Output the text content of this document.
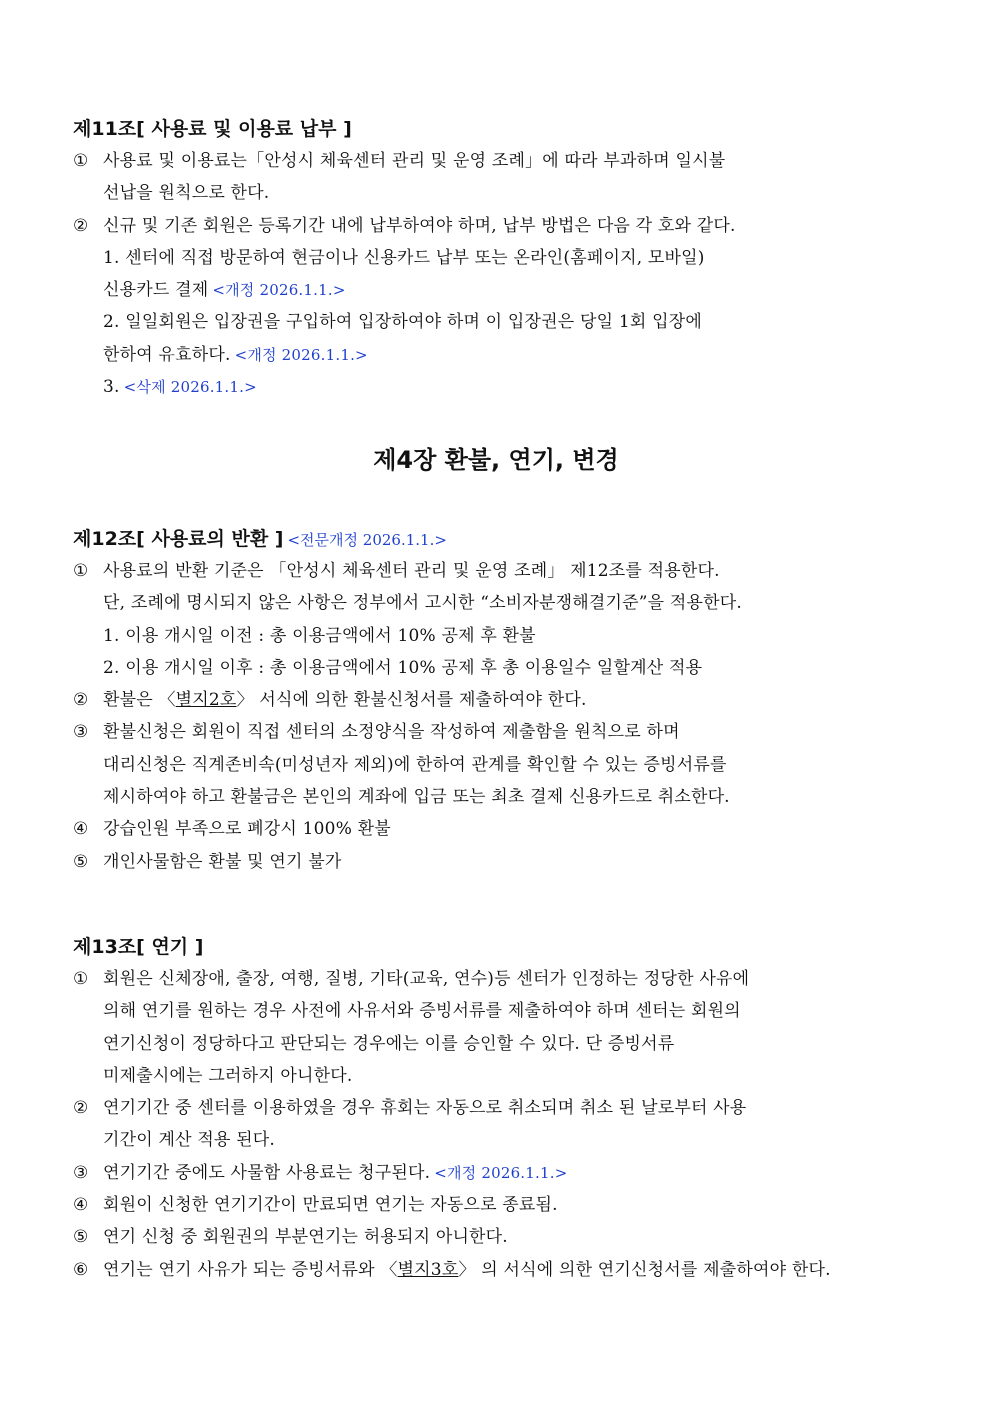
제11조[ 사용료 및 이용료 납부 ]
① 사용료 및 이용료는「안성시 체육센터 관리 및 운영 조례」에 따라 부과하며 일시불
선납을 원칙으로 한다.
② 신규 및 기존 회원은 등록기간 내에 납부하여야 하며, 납부 방법은 다음 각 호와 같다.
1. 센터에 직접 방문하여 현금이나 신용카드 납부 또는 온라인(홈페이지, 모바일)
신용카드 결제 <개정 2026.1.1.>
2. 일일회원은 입장권을 구입하여 입장하여야 하며 이 입장권은 당일 1회 입장에
한하여 유효하다. <개정 2026.1.1.>
3. <삭제 2026.1.1.>
제4장 환불, 연기, 변경
제12조[ 사용료의 반환 ] <전문개정 2026.1.1.>
① 사용료의 반환 기준은 「안성시 체육센터 관리 및 운영 조례」 제12조를 적용한다.
단, 조례에 명시되지 않은 사항은 정부에서 고시한 “소비자분쟁해결기준”을 적용한다.
1. 이용 개시일 이전 : 총 이용금액에서 10% 공제 후 환불
2. 이용 개시일 이후 : 총 이용금액에서 10% 공제 후 총 이용일수 일할계산 적용
② 환불은 〈별지2호〉 서식에 의한 환불신청서를 제출하여야 한다.
③ 환불신청은 회원이 직접 센터의 소정양식을 작성하여 제출함을 원칙으로 하며
대리신청은 직계존비속(미성년자 제외)에 한하여 관계를 확인할 수 있는 증빙서류를
제시하여야 하고 환불금은 본인의 계좌에 입금 또는 최초 결제 신용카드로 취소한다.
④ 강습인원 부족으로 폐강시 100% 환불
⑤ 개인사물함은 환불 및 연기 불가
제13조[ 연기 ]
① 회원은 신체장애, 출장, 여행, 질병, 기타(교육, 연수)등 센터가 인정하는 정당한 사유에
의해 연기를 원하는 경우 사전에 사유서와 증빙서류를 제출하여야 하며 센터는 회원의
연기신청이 정당하다고 판단되는 경우에는 이를 승인할 수 있다. 단 증빙서류
미제출시에는 그러하지 아니한다.
② 연기기간 중 센터를 이용하였을 경우 휴회는 자동으로 취소되며 취소 된 날로부터 사용
기간이 계산 적용 된다.
③ 연기기간 중에도 사물함 사용료는 청구된다. <개정 2026.1.1.>
④ 회원이 신청한 연기기간이 만료되면 연기는 자동으로 종료됨.
⑤ 연기 신청 중 회원권의 부분연기는 허용되지 아니한다.
⑥ 연기는 연기 사유가 되는 증빙서류와 〈별지3호〉 의 서식에 의한 연기신청서를 제출하여야 한다.
